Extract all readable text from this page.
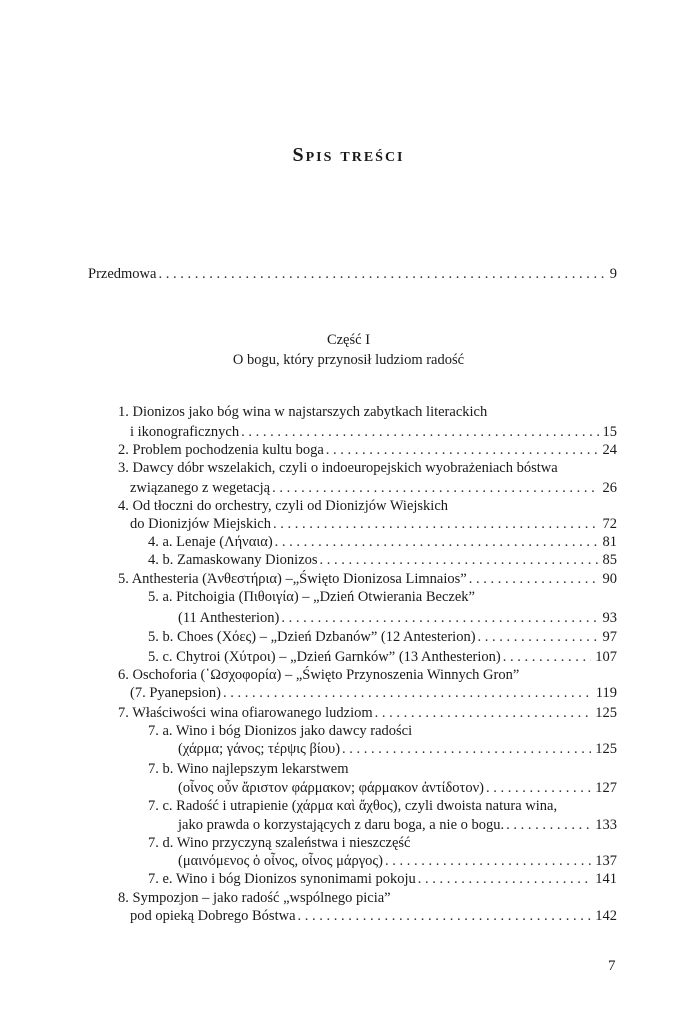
Spis treści
Przedmowa . . .	9
Część I
O bogu, który przynosił ludziom radość
1. Dionizos jako bóg wina w najstarszych zabytkach literackich
i ikonograficznych . . .	15
2. Problem pochodzenia kultu boga . . .	24
3. Dawcy dóbr wszelakich, czyli o indoeuropejskich wyobrażeniach bóstwa
związanego z wegetacją . . .	26
4. Od tłoczni do orchestry, czyli od Dionizjów Wiejskich
do Dionizjów Miejskich . . .	72
4. a. Lenaje (Λήναια) . . .	81
4. b. Zamaskowany Dionizos . . .	85
5. Anthesteria (Ἀνθεστήρια) –„Święto Dionizosa Limnaios” . . .	90
5. a. Pitchoigia (Πιθοιγία) – „Dzień Otwierania Beczek”
(11 Anthesterion) . . .	93
5. b. Choes (Χόες) – „Dzień Dzbanów” (12 Antesterion) . . .	97
5. c. Chytroi (Χύτροι) – „Dzień Garnków” (13 Anthesterion) . . .	107
6. Oschoforia (῾Ωσχοφορία) – „Święto Przynoszenia Winnych Gron”
(7. Pyanepsion) . . .	119
7. Właściwości wina ofiarowanego ludziom . . .	125
7. a. Wino i bóg Dionizos jako dawcy radości
(χάρμα; γάνος; τέρψις βίου) . . .	125
7. b. Wino najlepszym lekarstwem
(οἶνος οὖν ἄριστον φάρμακον; φάρμακον ἀντίδοτον) . . .	127
7. c. Radość i utrapienie (χάρμα καὶ ἄχθος), czyli dwoista natura wina,
jako prawda o korzystających z daru boga, a nie o bogu. . . .	133
7. d. Wino przyczyną szaleństwa i nieszczęść
(μαινόμενος ὁ οἶνος, οἶνος μάργος) . . .	137
7. e. Wino i bóg Dionizos synonimami pokoju . . .	141
8. Sympozjon – jako radość „wspólnego picia”
pod opieką Dobrego Bóstwa . . .	142
7
